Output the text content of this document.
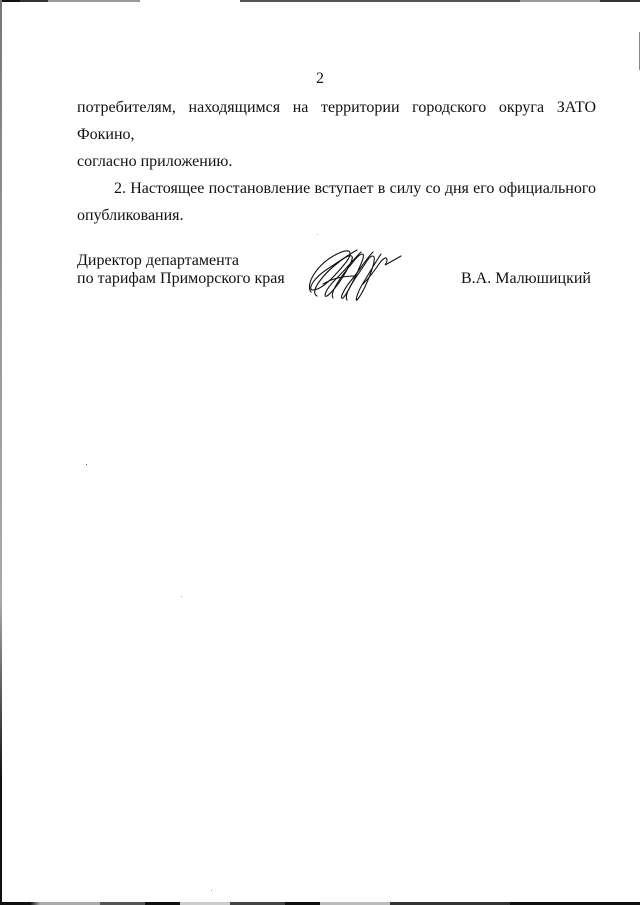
2

потребителям, находящимся на территории городского округа ЗАТО Фокино,
согласно приложению.

2. Настоящее постановление вступает в силу со дня его официального
опубликования.

Директор департамента
по тарифам Приморского края	В.А. Малюшицкий
